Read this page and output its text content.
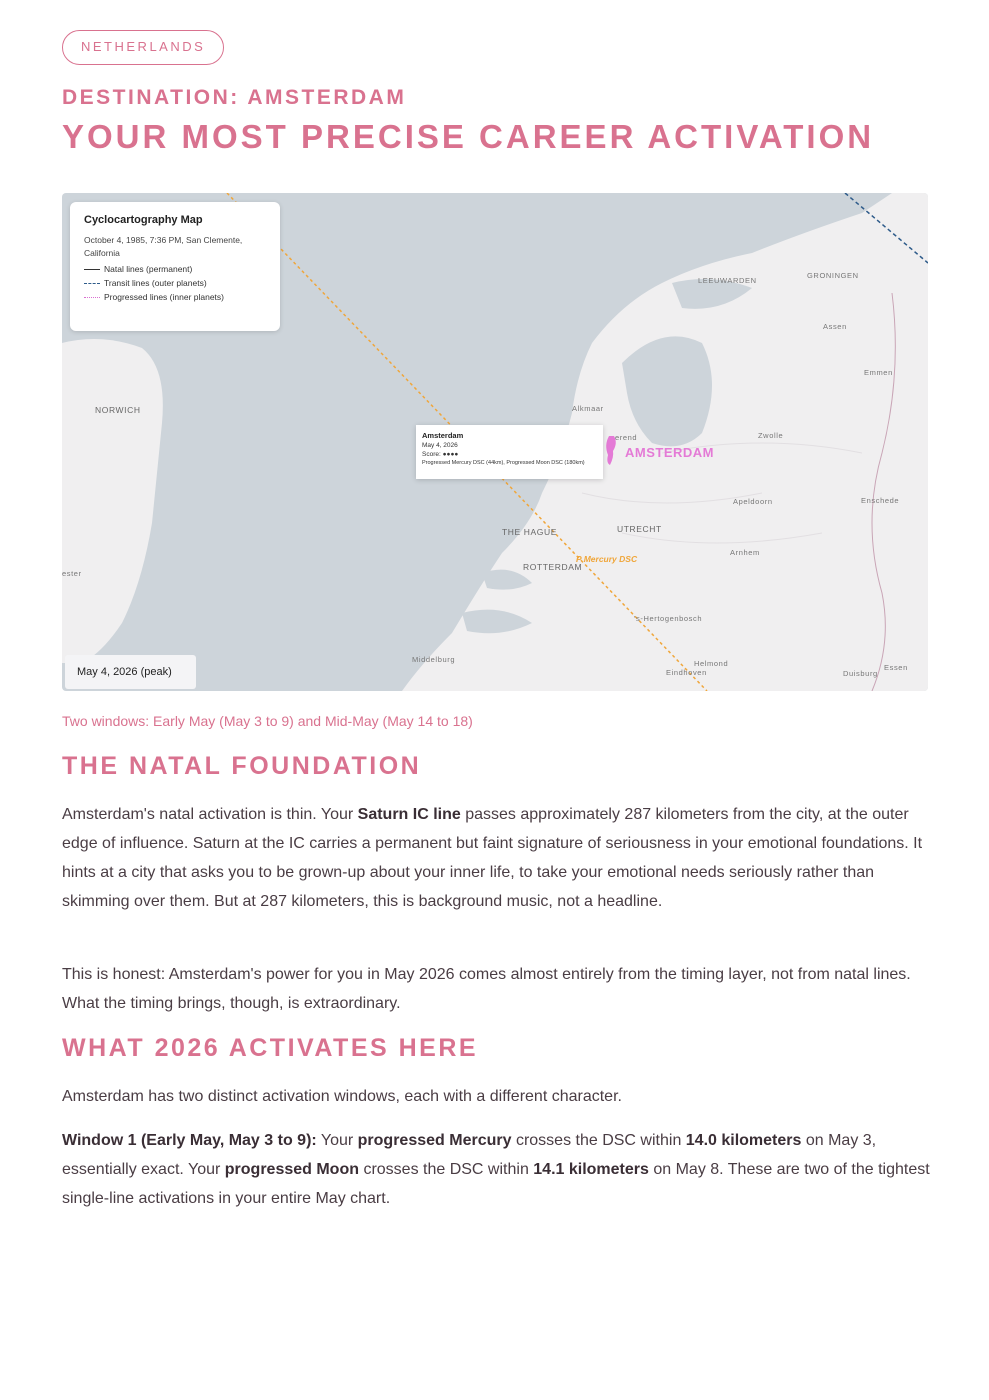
NETHERLANDS
DESTINATION: AMSTERDAM
YOUR MOST PRECISE CAREER ACTIVATION
Cyclocartography Map
October 4, 1985, 7:36 PM, San Clemente,
California
Natal lines (permanent)
Transit lines (outer planets)
Progressed lines (inner planets)
LEEUWARDEN
GRONINGEN
Assen
Emmen
NORWICH	Alkmaar
erend	Zwolle
Apeldoorn	Enschede
THE HAGUE	UTRECHT
Arnhem
ROTTERDAM
ester
's-Hertogenbosch
Middelburg	Helmond
Eindhoven
Essen
Duisburg
Amsterdam
May 4, 2026
Score: ●●●●
Progressed Mercury DSC (44km), Progressed Moon DSC (180km)
AMSTERDAM
P Mercury DSC
May 4, 2026 (peak)
Two windows: Early May (May 3 to 9) and Mid-May (May 14 to 18)
THE NATAL FOUNDATION
Amsterdam's natal activation is thin. Your Saturn IC line passes approximately 287 kilometers from the city, at the outer edge of influence. Saturn at the IC carries a permanent but faint signature of seriousness in your emotional foundations. It hints at a city that asks you to be grown-up about your inner life, to take your emotional needs seriously rather than skimming over them. But at 287 kilometers, this is background music, not a headline.
This is honest: Amsterdam's power for you in May 2026 comes almost entirely from the timing layer, not from natal lines. What the timing brings, though, is extraordinary.
WHAT 2026 ACTIVATES HERE
Amsterdam has two distinct activation windows, each with a different character.
Window 1 (Early May, May 3 to 9): Your progressed Mercury crosses the DSC within 14.0 kilometers on May 3, essentially exact. Your progressed Moon crosses the DSC within 14.1 kilometers on May 8. These are two of the tightest single-line activations in your entire May chart.
